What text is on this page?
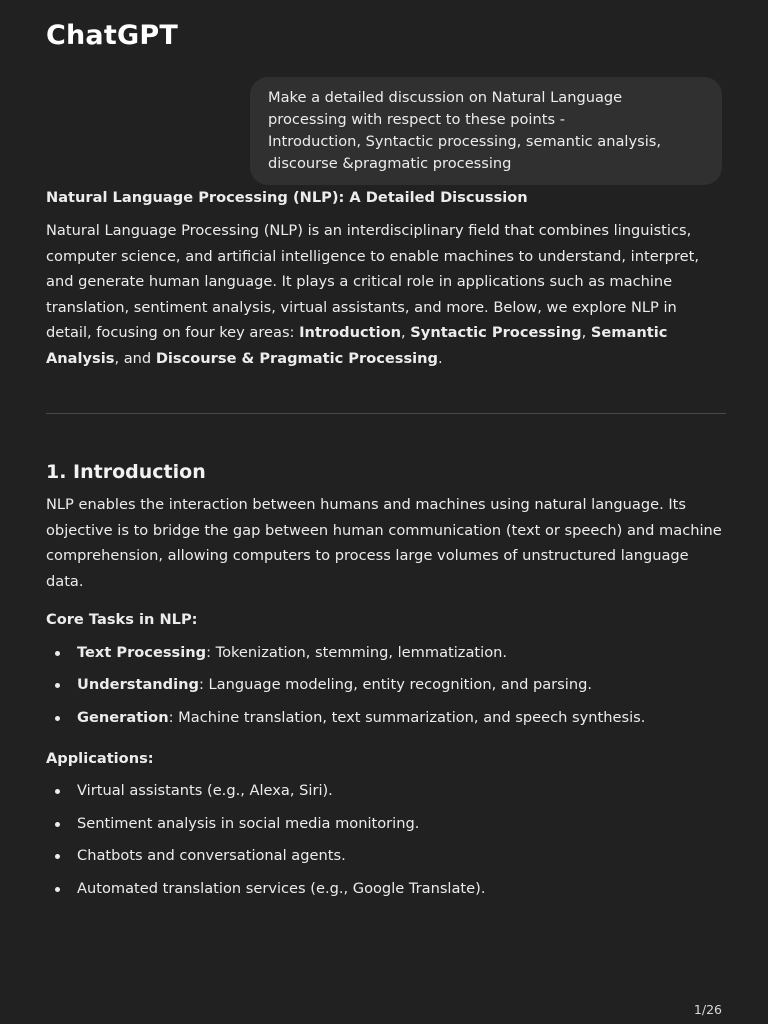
ChatGPT
Make a detailed discussion on Natural Language
processing with respect to these points -
Introduction, Syntactic processing, semantic analysis,
discourse &pragmatic processing

Natural Language Processing (NLP): A Detailed Discussion

Natural Language Processing (NLP) is an interdisciplinary field that combines linguistics, computer science, and artificial intelligence to enable machines to understand, interpret, and generate human language. It plays a critical role in applications such as machine translation, sentiment analysis, virtual assistants, and more. Below, we explore NLP in detail, focusing on four key areas: Introduction, Syntactic Processing, Semantic Analysis, and Discourse & Pragmatic Processing.

1. Introduction

NLP enables the interaction between humans and machines using natural language. Its objective is to bridge the gap between human communication (text or speech) and machine comprehension, allowing computers to process large volumes of unstructured language data.

Core Tasks in NLP:

Text Processing: Tokenization, stemming, lemmatization.
Understanding: Language modeling, entity recognition, and parsing.
Generation: Machine translation, text summarization, and speech synthesis.

Applications:

Virtual assistants (e.g., Alexa, Siri).
Sentiment analysis in social media monitoring.
Chatbots and conversational agents.
Automated translation services (e.g., Google Translate).
1/26
